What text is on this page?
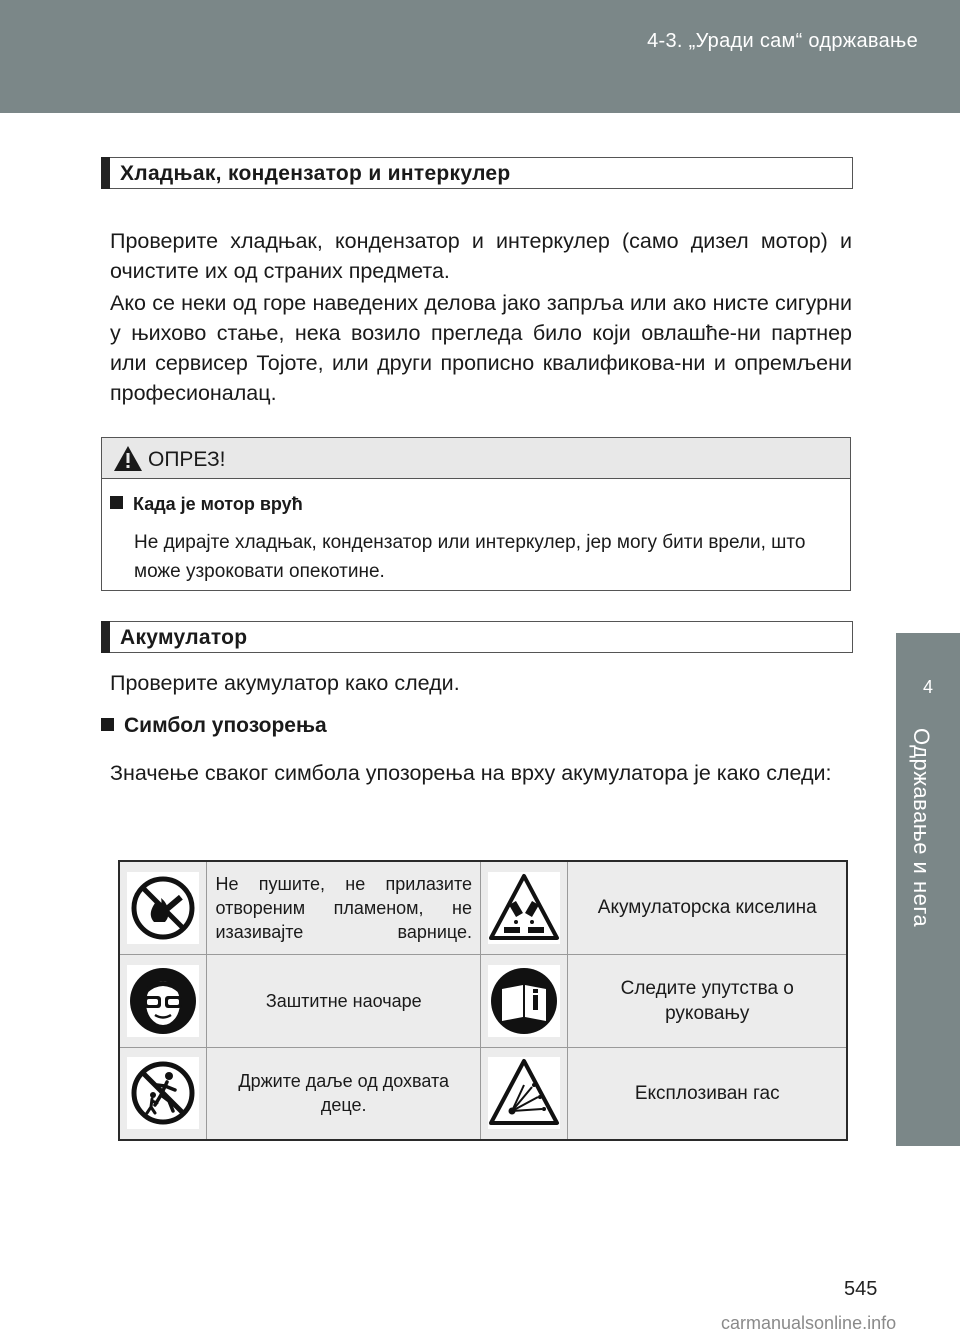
4-3. „Уради сам“ одржавање
4
Одржавање и нега
Хладњак, кондензатор и интеркулер

Проверите хладњак, кондензатор и интеркулер (само дизел мотор) и очистите их од страних предмета.

Ако се неки од горе наведених делова јако запрља или ако нисте сигурни у њихово стање, нека возило прегледа било који овлашће-ни партнер или сервисер Тојоте, или други прописно квалификова-ни и опремљени професионалац.

ОПРЕЗ!
Када је мотор врућ

Не дирајте хладњак, кондензатор или интеркулер, јер могу бити врели, што може узроковати опекотине.

Акумулатор

Проверите акумулатор како следи.

Симбол упозорења

Значење сваког симбола упозорења на врху акумулатора је како следи:

	Не пушите, не прилазите отвореним пламеном, не изазивајте варнице.		Акумулаторска киселина

	Заштитне наочаре		Следите упутства о руковању

	Држите даље од дохвата деце.		Експлозиван гас
545
carmanualsonline.info
